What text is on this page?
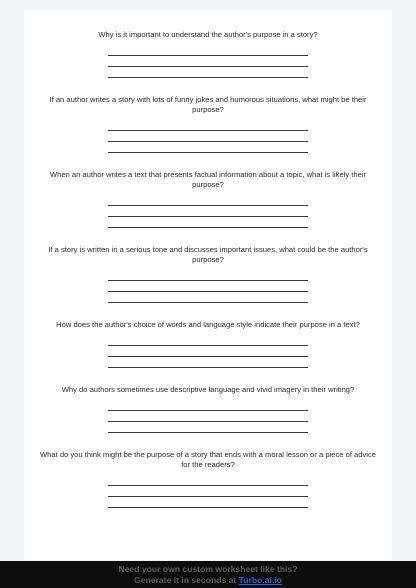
Why is it important to understand the author's purpose in a story?

If an author writes a story with lots of funny jokes and humorous situations, what might be their purpose?

When an author writes a text that presents factual information about a topic, what is likely their purpose?

If a story is written in a serious tone and discusses important issues, what could be the author's purpose?

How does the author's choice of words and language style indicate their purpose in a text?

Why do authors sometimes use descriptive language and vivid imagery in their writing?

What do you think might be the purpose of a story that ends with a moral lesson or a piece of advice for the readers?

Need your own custom worksheet like this?
Generate it in seconds at Turbo.ai.io
